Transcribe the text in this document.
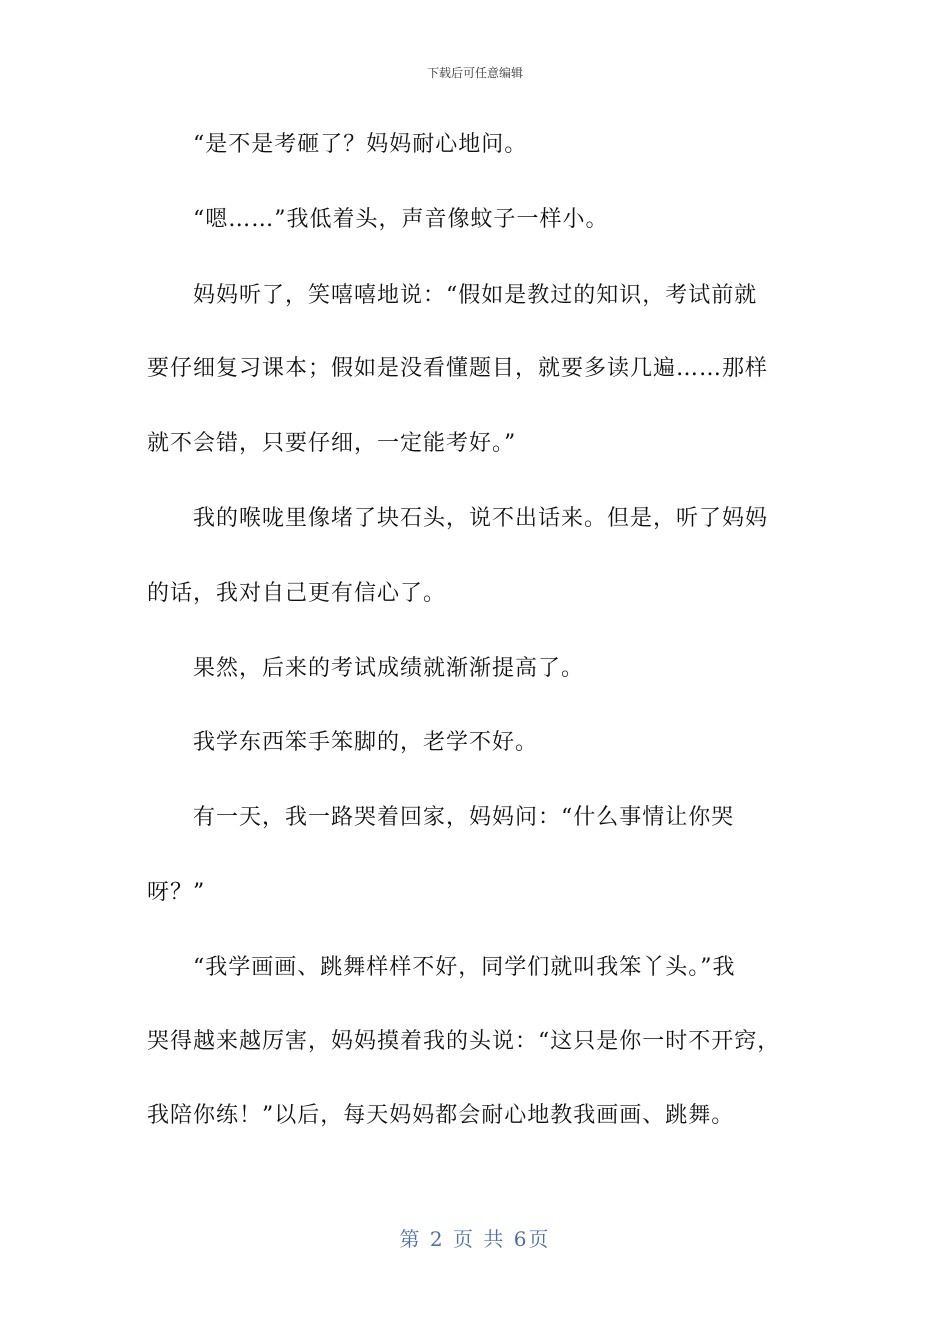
下载后可任意编辑
“是不是考砸了？妈妈耐心地问。
“嗯……”我低着头，声音像蚊子一样小。
妈妈听了，笑嘻嘻地说：“假如是教过的知识，考试前就
要仔细复习课本；假如是没看懂题目，就要多读几遍……那样
就不会错，只要仔细，一定能考好。”
我的喉咙里像堵了块石头，说不出话来。但是，听了妈妈
的话，我对自己更有信心了。
果然，后来的考试成绩就渐渐提高了。
我学东西笨手笨脚的，老学不好。
有一天，我一路哭着回家，妈妈问：“什么事情让你哭
呀？”
“我学画画、跳舞样样不好，同学们就叫我笨丫头。”我
哭得越来越厉害，妈妈摸着我的头说：“这只是你一时不开窍，
我陪你练！”以后，每天妈妈都会耐心地教我画画、跳舞。
第 2 页 共 6页
